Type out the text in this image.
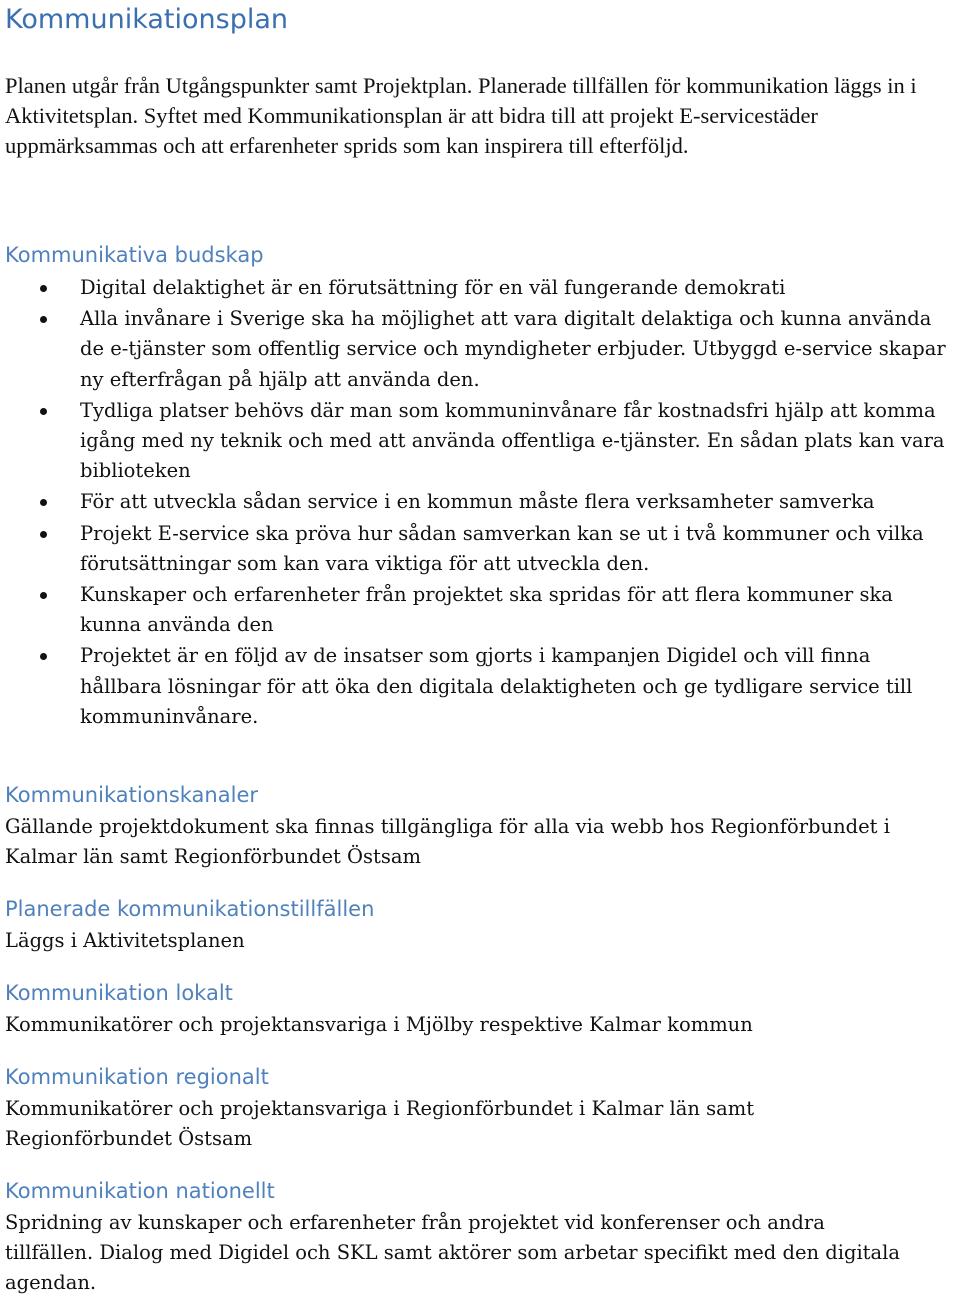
Kommunikationsplan

Planen utgår från Utgångspunkter samt Projektplan. Planerade tillfällen för kommunikation läggs in i Aktivitetsplan. Syftet med Kommunikationsplan är att bidra till att projekt E-servicestäder uppmärksammas och att erfarenheter sprids som kan inspirera till efterföljd.

Kommunikativa budskap
Digital delaktighet är en förutsättning för en väl fungerande demokrati
Alla invånare i Sverige ska ha möjlighet att vara digitalt delaktiga och kunna använda de e-tjänster som offentlig service och myndigheter erbjuder. Utbyggd e-service skapar ny efterfrågan på hjälp att använda den.
Tydliga platser behövs där man som kommuninvånare får kostnadsfri hjälp att komma igång med ny teknik och med att använda offentliga e-tjänster. En sådan plats kan vara biblioteken
För att utveckla sådan service i en kommun måste flera verksamheter samverka
Projekt E-service ska pröva hur sådan samverkan kan se ut i två kommuner och vilka förutsättningar som kan vara viktiga för att utveckla den.
Kunskaper och erfarenheter från projektet ska spridas för att flera kommuner ska kunna använda den
Projektet är en följd av de insatser som gjorts i kampanjen Digidel och vill finna hållbara lösningar för att öka den digitala delaktigheten och ge tydligare service till kommuninvånare.
Kommunikationskanaler

Gällande projektdokument ska finnas tillgängliga för alla via webb hos Regionförbundet i Kalmar län samt Regionförbundet Östsam

Planerade kommunikationstillfällen

Läggs i Aktivitetsplanen

Kommunikation lokalt

Kommunikatörer och projektansvariga i Mjölby respektive Kalmar kommun

Kommunikation regionalt

Kommunikatörer och projektansvariga i Regionförbundet i Kalmar län samt Regionförbundet Östsam

Kommunikation nationellt

Spridning av kunskaper och erfarenheter från projektet vid konferenser och andra tillfällen. Dialog med Digidel och SKL samt aktörer som arbetar specifikt med den digitala agendan.
